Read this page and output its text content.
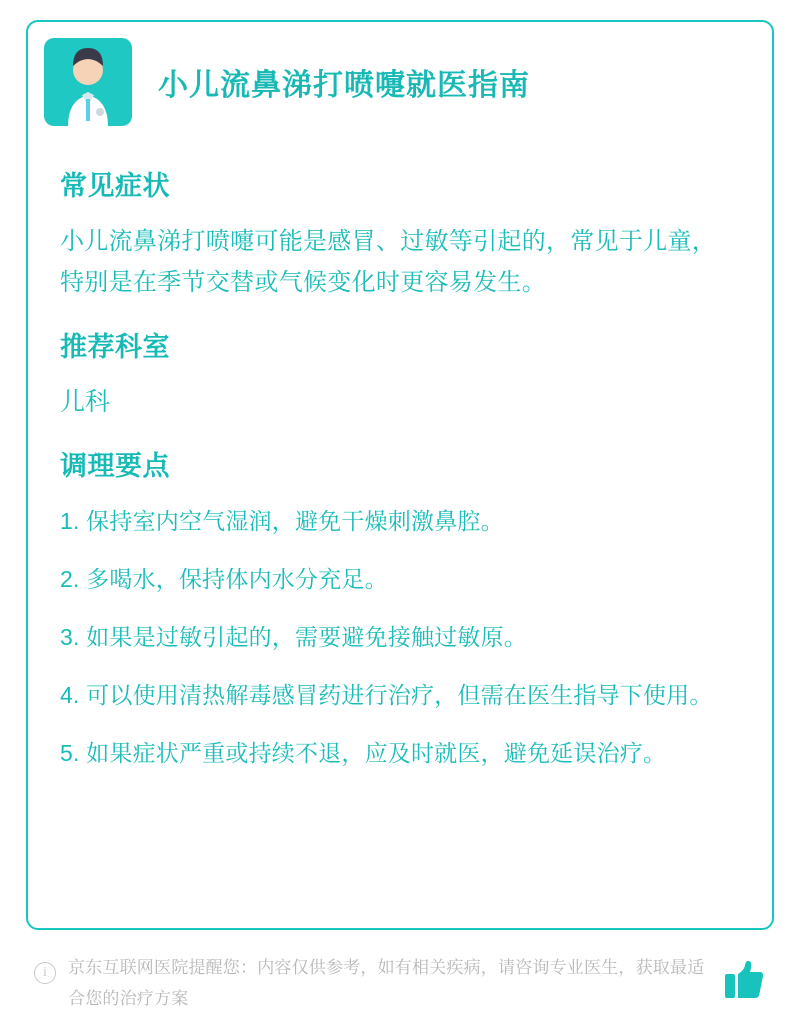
小儿流鼻涕打喷嚏就医指南
常见症状

小儿流鼻涕打喷嚏可能是感冒、过敏等引起的，常见于儿童，特别是在季节交替或气候变化时更容易发生。

推荐科室

儿科

调理要点
1. 保持室内空气湿润，避免干燥刺激鼻腔。
2. 多喝水，保持体内水分充足。
3. 如果是过敏引起的，需要避免接触过敏原。
4. 可以使用清热解毒感冒药进行治疗，但需在医生指导下使用。
5. 如果症状严重或持续不退，应及时就医，避免延误治疗。
i	京东互联网医院提醒您：内容仅供参考，如有相关疾病，请咨询专业医生，获取最适合您的治疗方案
